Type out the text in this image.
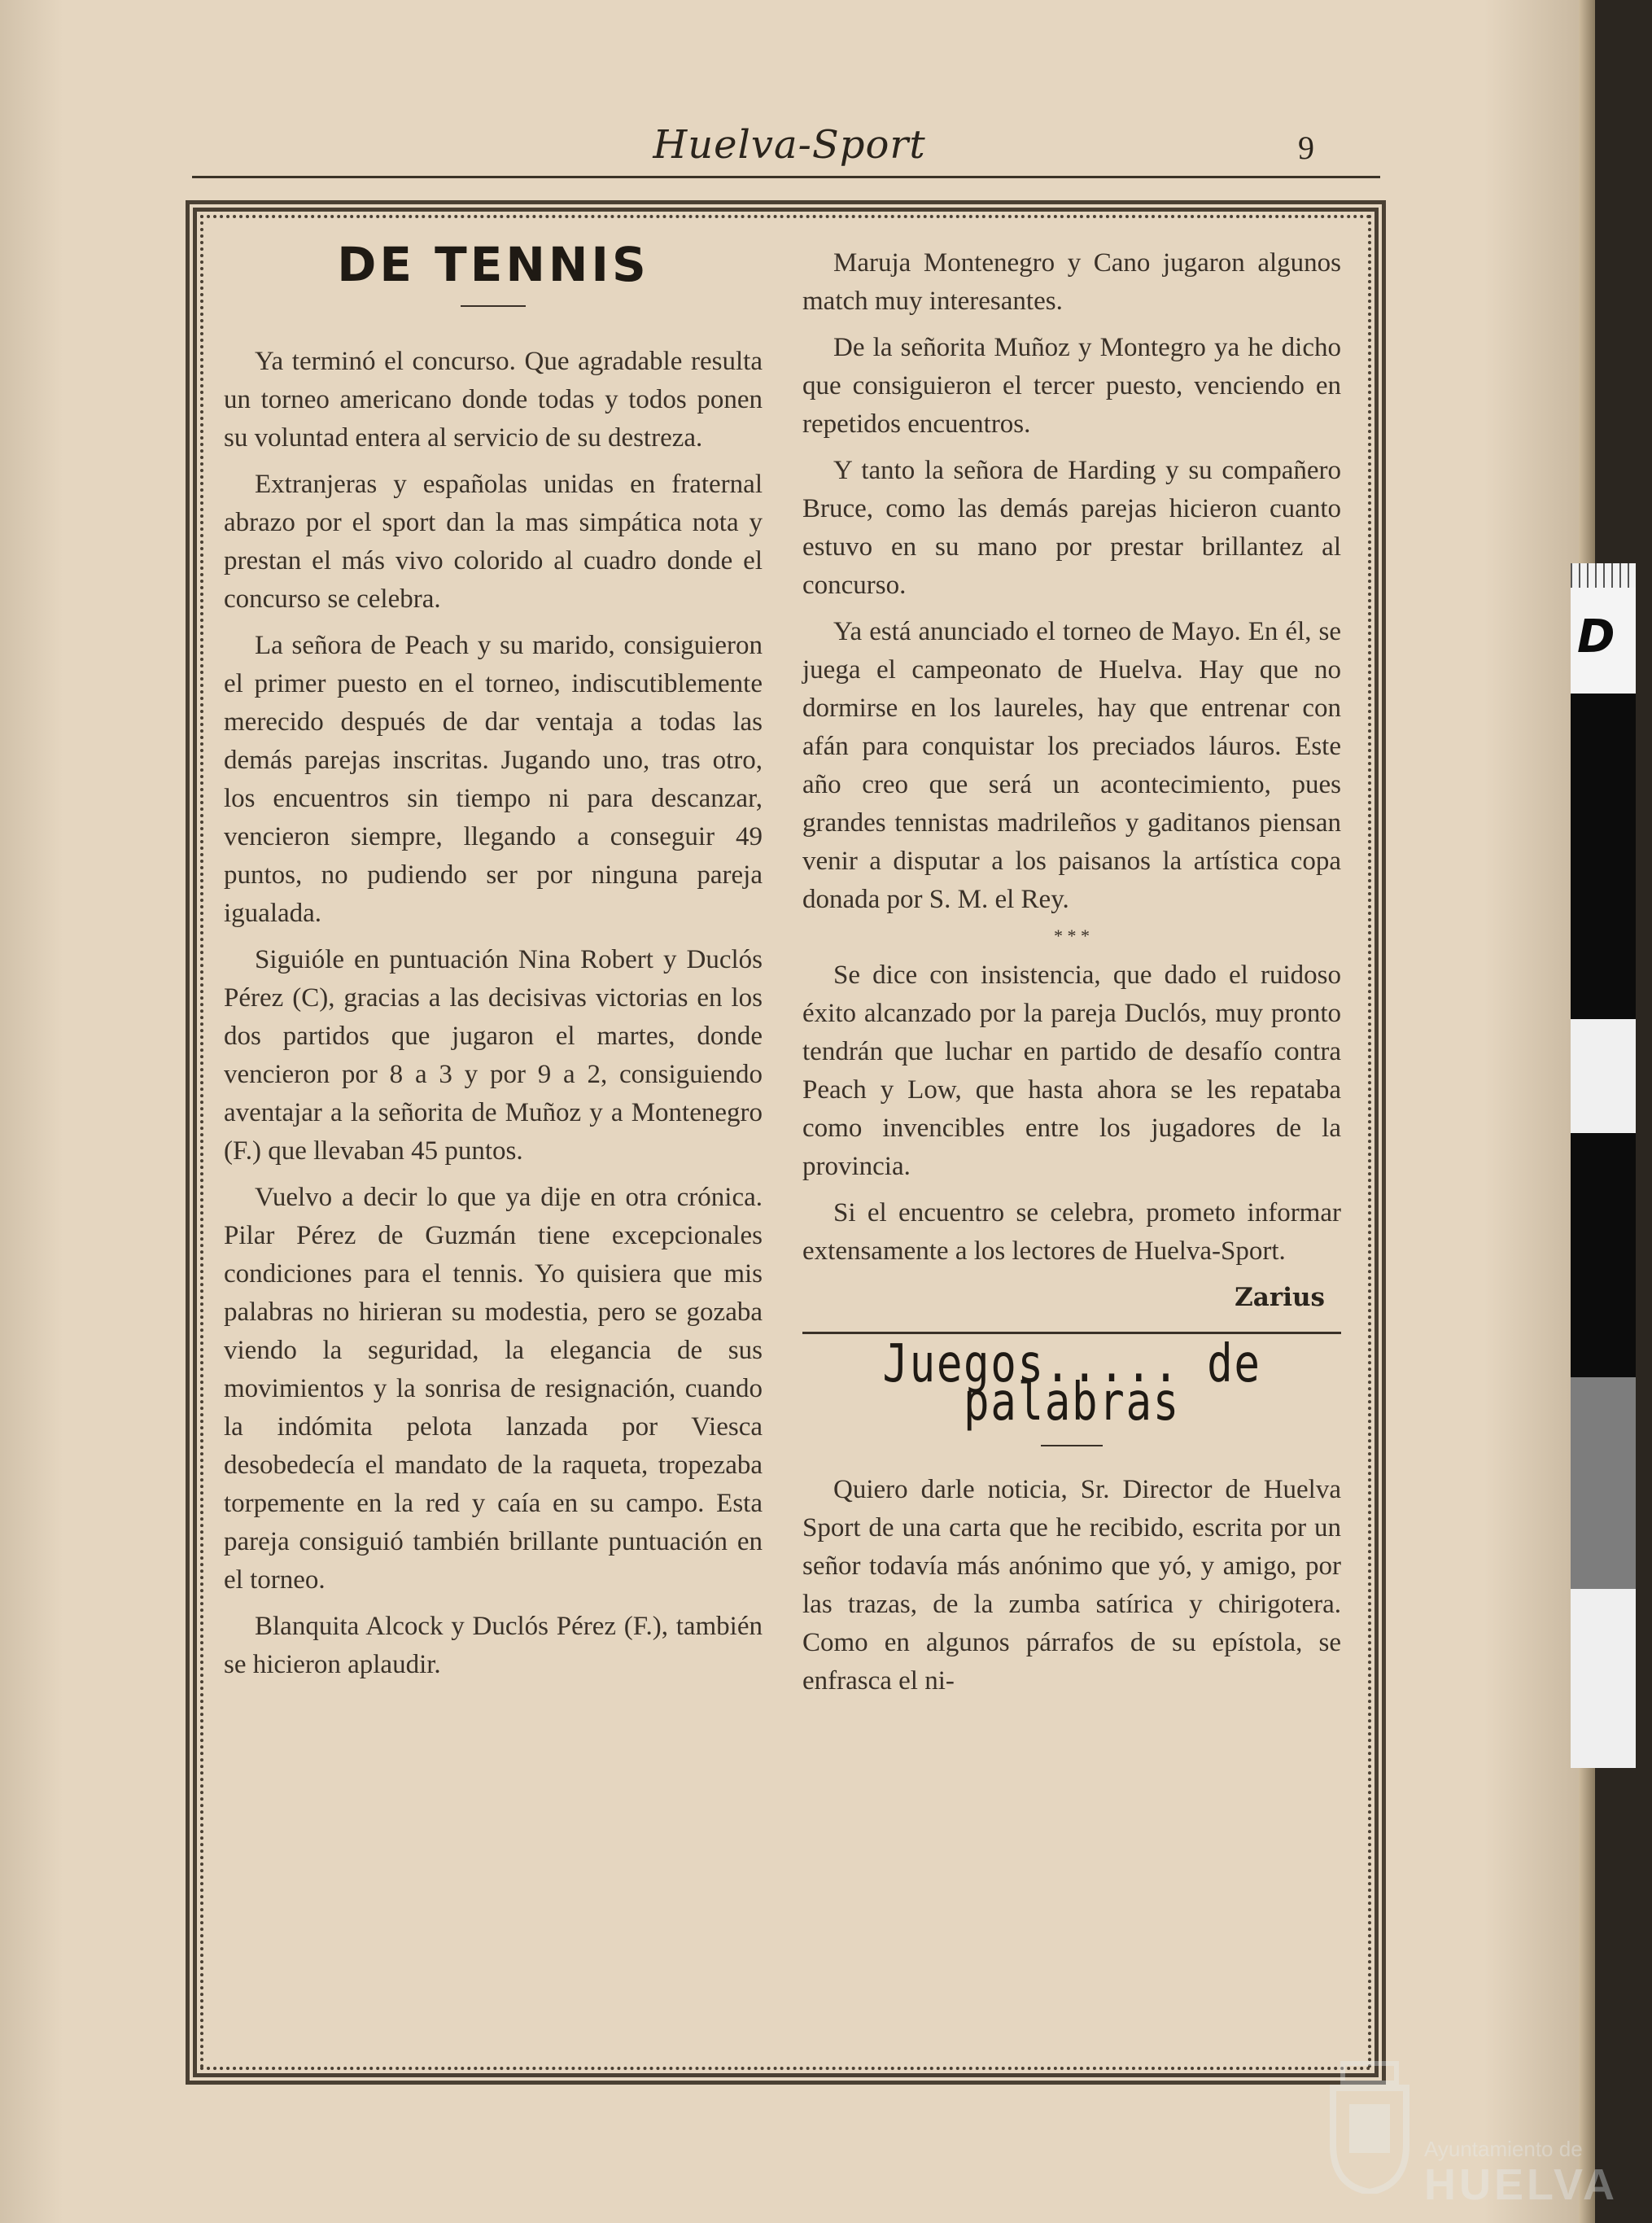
Huelva-Sport	9
DE TENNIS

Ya terminó el concurso. Que agradable resulta un torneo americano donde todas y todos ponen su voluntad entera al servicio de su destreza.

Extranjeras y españolas unidas en fraternal abrazo por el sport dan la mas simpática nota y prestan el más vivo colorido al cuadro donde el concurso se celebra.

La señora de Peach y su marido, consiguieron el primer puesto en el torneo, indiscutiblemente merecido después de dar ventaja a todas las demás parejas inscritas. Jugando uno, tras otro, los encuentros sin tiempo ni para descanzar, vencieron siempre, llegando a conseguir 49 puntos, no pudiendo ser por ninguna pareja igualada.

Siguióle en puntuación Nina Robert y Duclós Pérez (C), gracias a las decisivas victorias en los dos partidos que jugaron el martes, donde vencieron por 8 a 3 y por 9 a 2, consiguiendo aventajar a la señorita de Muñoz y a Montenegro (F.) que llevaban 45 puntos.

Vuelvo a decir lo que ya dije en otra crónica. Pilar Pérez de Guzmán tiene excepcionales condiciones para el tennis. Yo quisiera que mis palabras no hirieran su modestia, pero se gozaba viendo la seguridad, la elegancia de sus movimientos y la sonrisa de resignación, cuando la indómita pelota lanzada por Viesca desobedecía el mandato de la raqueta, tropezaba torpemente en la red y caía en su campo. Esta pareja consiguió también brillante puntuación en el torneo.

Blanquita Alcock y Duclós Pérez (F.), también se hicieron aplaudir.

Maruja Montenegro y Cano jugaron algunos match muy interesantes.

De la señorita Muñoz y Montegro ya he dicho que consiguieron el tercer puesto, venciendo en repetidos encuentros.

Y tanto la señora de Harding y su compañero Bruce, como las demás parejas hicieron cuanto estuvo en su mano por prestar brillantez al concurso.

Ya está anunciado el torneo de Mayo. En él, se juega el campeonato de Huelva. Hay que no dormirse en los laureles, hay que entrenar con afán para conquistar los preciados láuros. Este año creo que será un acontecimiento, pues grandes tennistas madrileños y gaditanos piensan venir a disputar a los paisanos la artística copa donada por S. M. el Rey.

* * *

Se dice con insistencia, que dado el ruidoso éxito alcanzado por la pareja Duclós, muy pronto tendrán que luchar en partido de desafío contra Peach y Low, que hasta ahora se les repataba como invencibles entre los jugadores de la provincia.

Si el encuentro se celebra, prometo informar extensamente a los lectores de Huelva-Sport.

Zarius
Juegos..... de palabras

Quiero darle noticia, Sr. Director de Huelva Sport de una carta que he recibido, escrita por un señor todavía más anónimo que yó, y amigo, por las trazas, de la zumba satírica y chirigotera. Como en algunos párrafos de su epístola, se enfrasca el ni-

D
Ayuntamiento de
HUELVA
